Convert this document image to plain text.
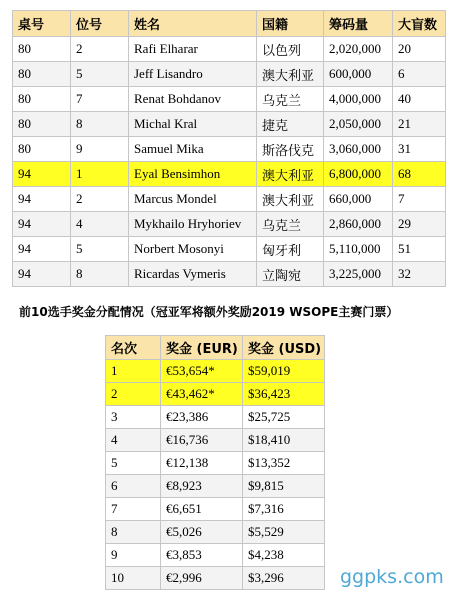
桌号	位号	姓名	国籍	筹码量	大盲数
80	2	Rafi Elharar	以色列	2,020,000	20
80	5	Jeff Lisandro	澳大利亚	600,000	6
80	7	Renat Bohdanov	乌克兰	4,000,000	40
80	8	Michal Kral	捷克	2,050,000	21
80	9	Samuel Mika	斯洛伐克	3,060,000	31
94	1	Eyal Bensimhon	澳大利亚	6,800,000	68
94	2	Marcus Mondel	澳大利亚	660,000	7
94	4	Mykhailo Hryhoriev	乌克兰	2,860,000	29
94	5	Norbert Mosonyi	匈牙利	5,110,000	51
94	8	Ricardas Vymeris	立陶宛	3,225,000	32

前10选手奖金分配情况（冠亚军将额外奖励2019 WSOPE主赛门票）

名次	奖金 (EUR)	奖金 (USD)
1	€53,654*	$59,019
2	€43,462*	$36,423
3	€23,386	$25,725
4	€16,736	$18,410
5	€12,138	$13,352
6	€8,923	$9,815
7	€6,651	$7,316
8	€5,026	$5,529
9	€3,853	$4,238
10	€2,996	$3,296	ggpks.com
